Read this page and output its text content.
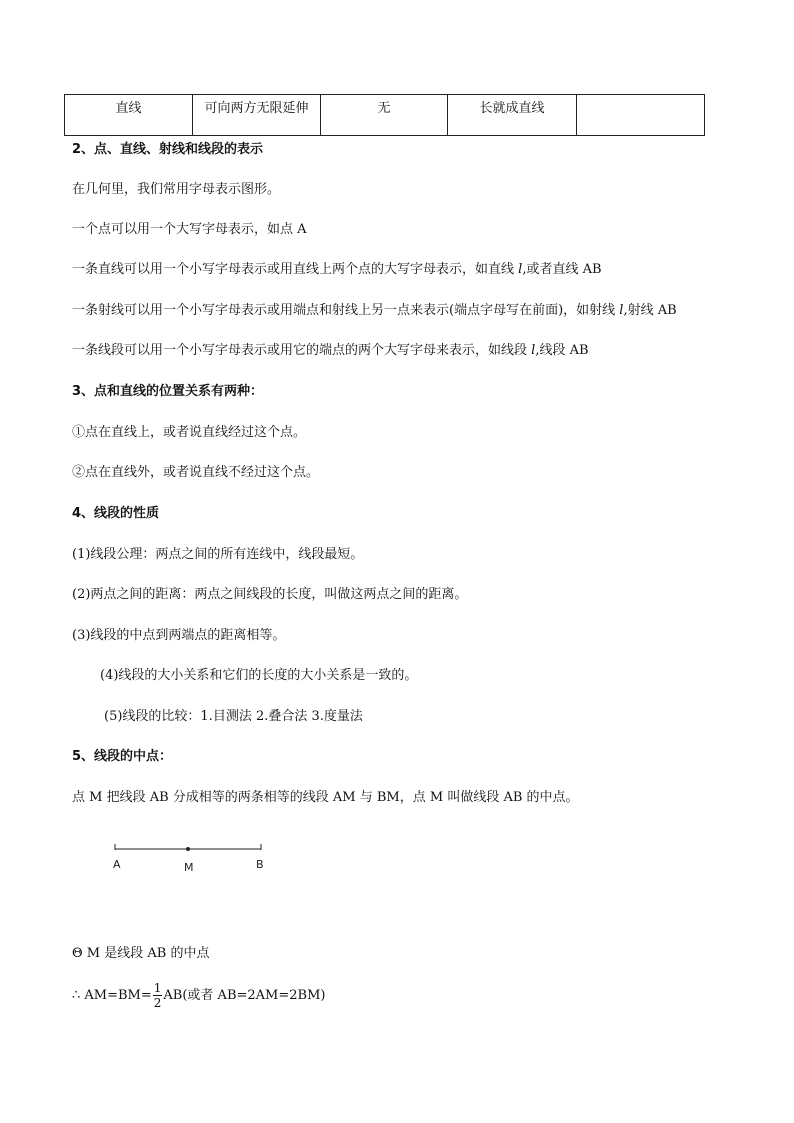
直线	可向两方无限延伸	无	长就成直线	
2、点、直线、射线和线段的表示
在几何里，我们常用字母表示图形。
一个点可以用一个大写字母表示，如点 A
一条直线可以用一个小写字母表示或用直线上两个点的大写字母表示，如直线 l,或者直线 AB
一条射线可以用一个小写字母表示或用端点和射线上另一点来表示(端点字母写在前面)，如射线 l,射线 AB
一条线段可以用一个小写字母表示或用它的端点的两个大写字母来表示，如线段 l,线段 AB
3、点和直线的位置关系有两种：
①点在直线上，或者说直线经过这个点。
②点在直线外，或者说直线不经过这个点。
4、线段的性质
(1)线段公理：两点之间的所有连线中，线段最短。
(2)两点之间的距离：两点之间线段的长度，叫做这两点之间的距离。
(3)线段的中点到两端点的距离相等。
(4)线段的大小关系和它们的长度的大小关系是一致的。
(5)线段的比较：1.目测法 2.叠合法 3.度量法
5、线段的中点：
点 M 把线段 AB 分成相等的两条相等的线段 AM 与 BM，点 M 叫做线段 AB 的中点。
A	M	B
Θ M 是线段 AB 的中点
∴ $AM=BM= \frac{1}{2} AB$(或者 AB=2AM=2BM)
